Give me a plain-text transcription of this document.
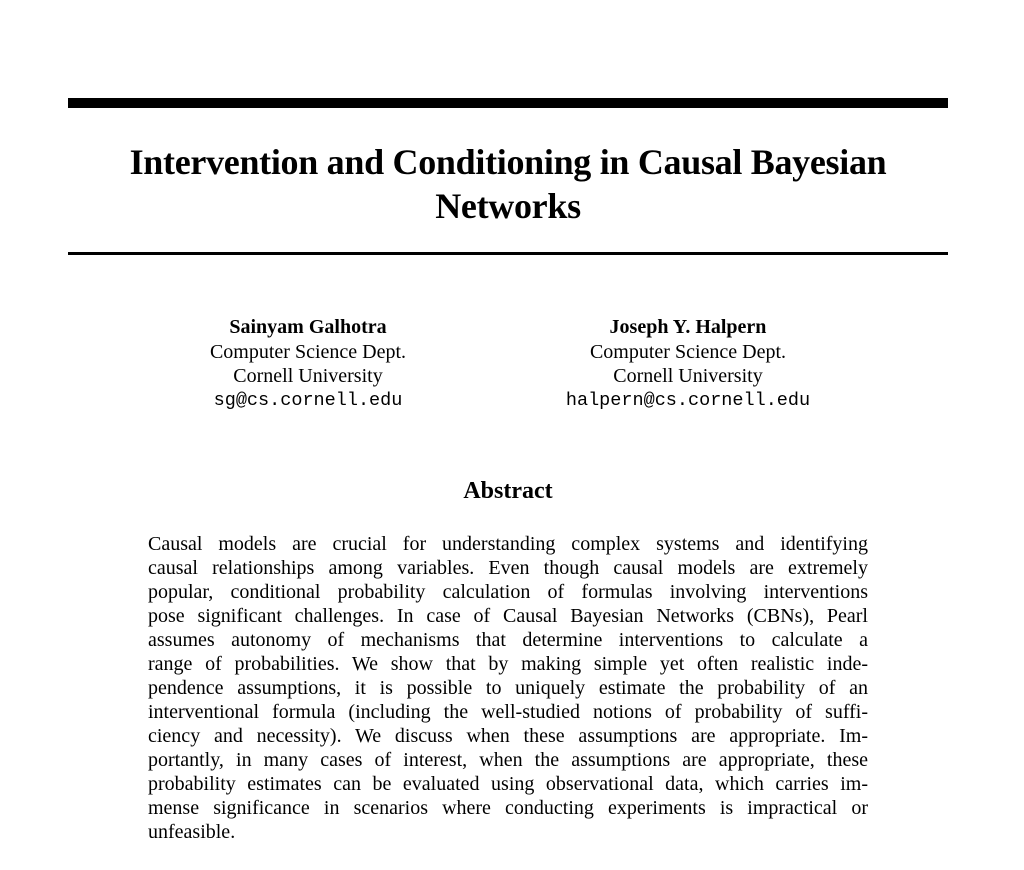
Intervention and Conditioning in Causal Bayesian
Networks
Sainyam Galhotra
Computer Science Dept.
Cornell University
sg@cs.cornell.edu
Joseph Y. Halpern
Computer Science Dept.
Cornell University
halpern@cs.cornell.edu
Abstract

Causal models are crucial for understanding complex systems and identifying
causal relationships among variables. Even though causal models are extremely
popular, conditional probability calculation of formulas involving interventions
pose significant challenges. In case of Causal Bayesian Networks (CBNs), Pearl
assumes autonomy of mechanisms that determine interventions to calculate a
range of probabilities. We show that by making simple yet often realistic inde-
pendence assumptions, it is possible to uniquely estimate the probability of an
interventional formula (including the well-studied notions of probability of suffi-
ciency and necessity). We discuss when these assumptions are appropriate. Im-
portantly, in many cases of interest, when the assumptions are appropriate, these
probability estimates can be evaluated using observational data, which carries im-
mense significance in scenarios where conducting experiments is impractical or
unfeasible.
